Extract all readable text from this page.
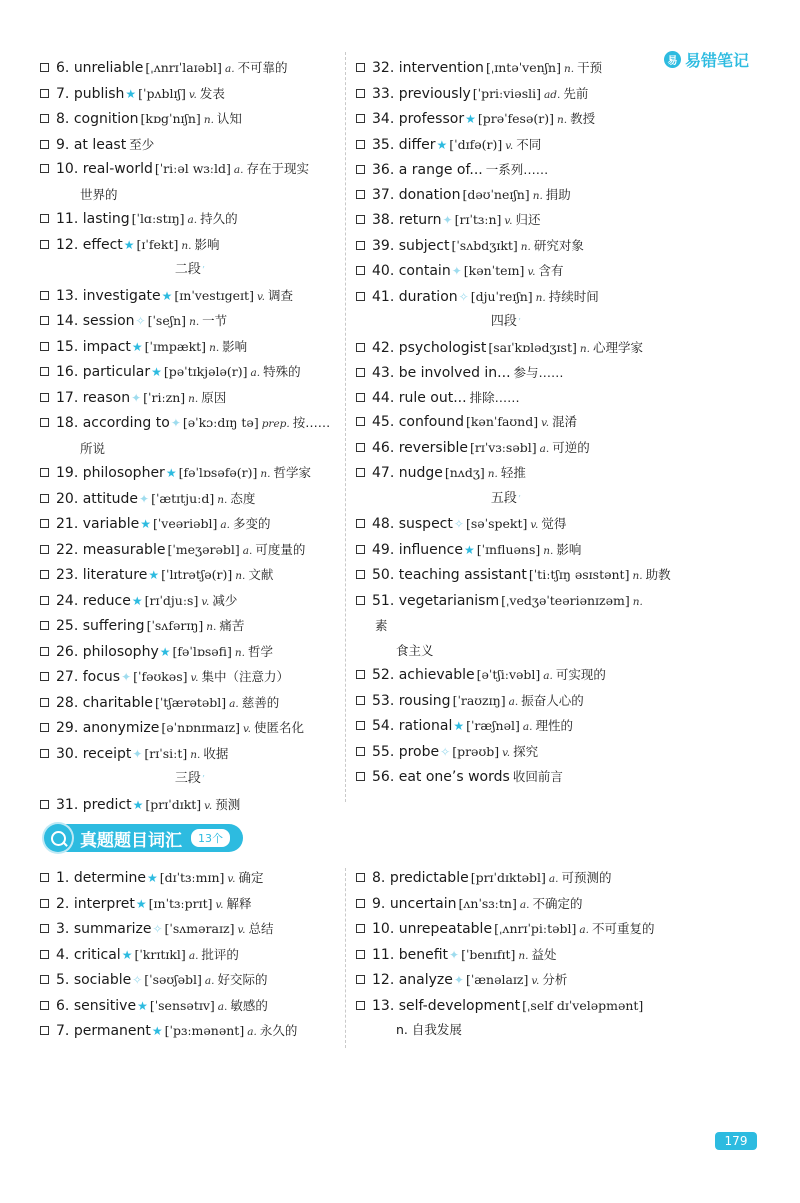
易 易错笔记
6. unreliable [ˌʌnrɪˈlaɪəbl] a. 不可靠的
7. publish★ [ˈpʌblɪʃ] v. 发表
8. cognition [kɒgˈnɪʃn] n. 认知
9. at least 至少
10. real-world [ˈriːəl wɜːld] a. 存在于现实
世界的
11. lasting [ˈlɑːstɪŋ] a. 持久的
12. effect★ [ɪˈfekt] n. 影响
二段’
13. investigate★ [ɪnˈvestɪgeɪt] v. 调查
14. session✧ [ˈseʃn] n. 一节
15. impact★ [ˈɪmpækt] n. 影响
16. particular★ [pəˈtɪkjələ(r)] a. 特殊的
17. reason✦ [ˈriːzn] n. 原因
18. according to✦ [əˈkɔːdɪŋ tə] prep. 按……
所说
19. philosopher★ [fəˈlɒsəfə(r)] n. 哲学家
20. attitude✦ [ˈætɪtjuːd] n. 态度
21. variable★ [ˈveəriəbl] a. 多变的
22. measurable [ˈmeʒərəbl] a. 可度量的
23. literature★ [ˈlɪtrətʃə(r)] n. 文献
24. reduce★ [rɪˈdjuːs] v. 减少
25. suffering [ˈsʌfərɪŋ] n. 痛苦
26. philosophy★ [fəˈlɒsəfi] n. 哲学
27. focus✦ [ˈfəʊkəs] v. 集中（注意力）
28. charitable [ˈtʃærətəbl] a. 慈善的
29. anonymize [əˈnɒnɪmaɪz] v. 使匿名化
30. receipt✦ [rɪˈsiːt] n. 收据
三段’
31. predict★ [prɪˈdɪkt] v. 预测
32. intervention [ˌɪntəˈvenʃn] n. 干预
33. previously [ˈpriːviəsli] ad. 先前
34. professor★ [prəˈfesə(r)] n. 教授
35. differ★ [ˈdɪfə(r)] v. 不同
36. a range of... 一系列……
37. donation [dəʊˈneɪʃn] n. 捐助
38. return✦ [rɪˈtɜːn] v. 归还
39. subject [ˈsʌbdʒɪkt] n. 研究对象
40. contain✦ [kənˈteɪn] v. 含有
41. duration✧ [djuˈreɪʃn] n. 持续时间
四段’
42. psychologist [saɪˈkɒlədʒɪst] n. 心理学家
43. be involved in... 参与……
44. rule out... 排除……
45. confound [kənˈfaʊnd] v. 混淆
46. reversible [rɪˈvɜːsəbl] a. 可逆的
47. nudge [nʌdʒ] n. 轻推
五段’
48. suspect✧ [səˈspekt] v. 觉得
49. influence★ [ˈɪnfluəns] n. 影响
50. teaching assistant [ˈtiːtʃɪŋ əsɪstənt] n. 助教
51. vegetarianism [ˌvedʒəˈteəriənɪzəm] n.素
食主义
52. achievable [əˈtʃiːvəbl] a. 可实现的
53. rousing [ˈraʊzɪŋ] a. 振奋人心的
54. rational★ [ˈræʃnəl] a. 理性的
55. probe✧ [prəʊb] v. 探究
56. eat one’s words 收回前言
真题题目词汇	13个
1. determine★ [dɪˈtɜːmɪn] v. 确定
2. interpret★ [ɪnˈtɜːprɪt] v. 解释
3. summarize✧ [ˈsʌməraɪz] v. 总结
4. critical★ [ˈkrɪtɪkl] a. 批评的
5. sociable✧ [ˈsəʊʃəbl] a. 好交际的
6. sensitive★ [ˈsensətɪv] a. 敏感的
7. permanent★ [ˈpɜːmənənt] a. 永久的
8. predictable [prɪˈdɪktəbl] a. 可预测的
9. uncertain [ʌnˈsɜːtn] a. 不确定的
10. unrepeatable [ˌʌnrɪˈpiːtəbl] a. 不可重复的
11. benefit✦ [ˈbenɪfɪt] n. 益处
12. analyze✦ [ˈænəlaɪz] v. 分析
13. self-development [ˌself dɪˈveləpmənt]
n. 自我发展
179
